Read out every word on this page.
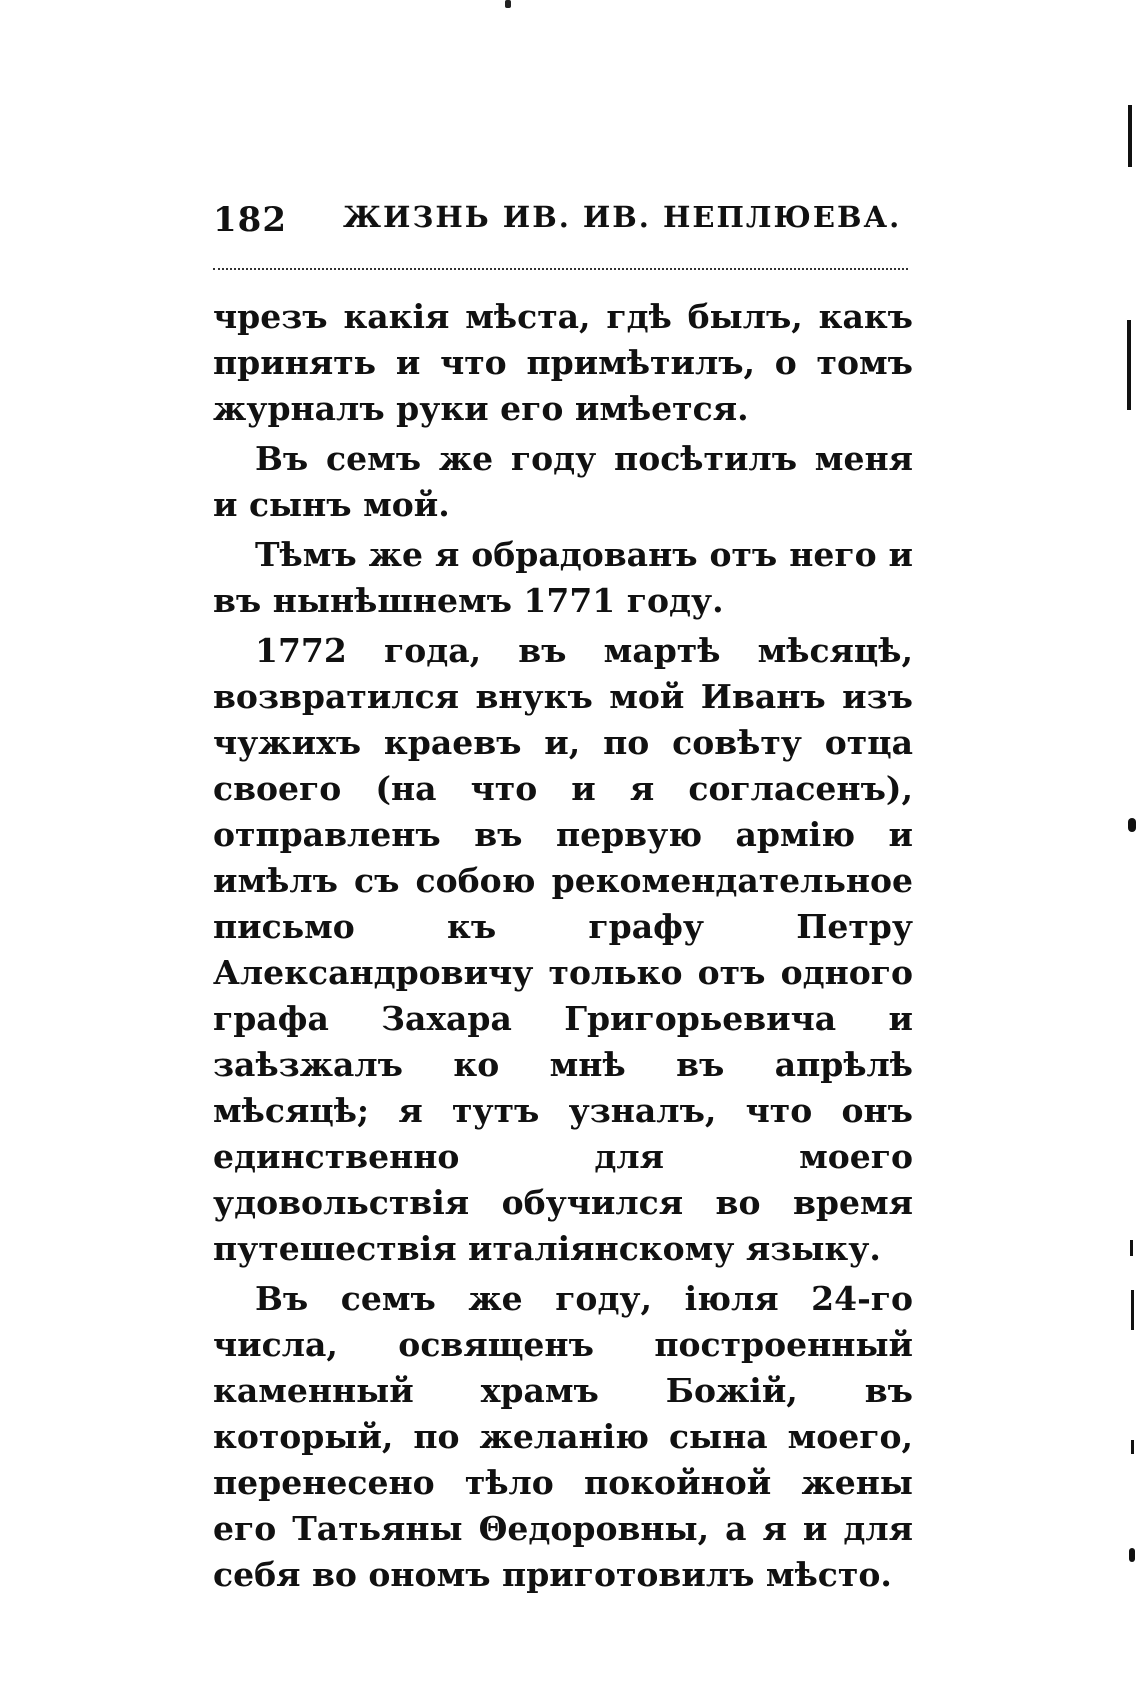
182 ЖИЗНЬ ИВ. ИВ. НЕПЛЮЕВА.

чрезъ какія мѣста, гдѣ былъ, какъ принять и что примѣтилъ, о томъ журналъ руки его имѣется.

Въ семъ же году посѣтилъ меня и сынъ мой.

Тѣмъ же я обрадованъ отъ него и въ нынѣшнемъ 1771 году.

1772 года, въ мартѣ мѣсяцѣ, возвратился внукъ мой Иванъ изъ чужихъ краевъ и, по совѣту отца своего (на что и я согласенъ), отправленъ въ первую армію и имѣлъ съ собою рекомендательное письмо къ графу Петру Александровичу только отъ одного графа Захара Григорьевича и заѣзжалъ ко мнѣ въ апрѣлѣ мѣсяцѣ; я тутъ узналъ, что онъ единственно для моего удовольствія обучился во время путешествія италіянскому языку.

Въ семъ же году, іюля 24-го числа, освященъ построенный каменный храмъ Божій, въ который, по желанію сына моего, перенесено тѣло покойной жены его Татьяны Θедоровны, а я и для себя во ономъ приготовилъ мѣсто.
